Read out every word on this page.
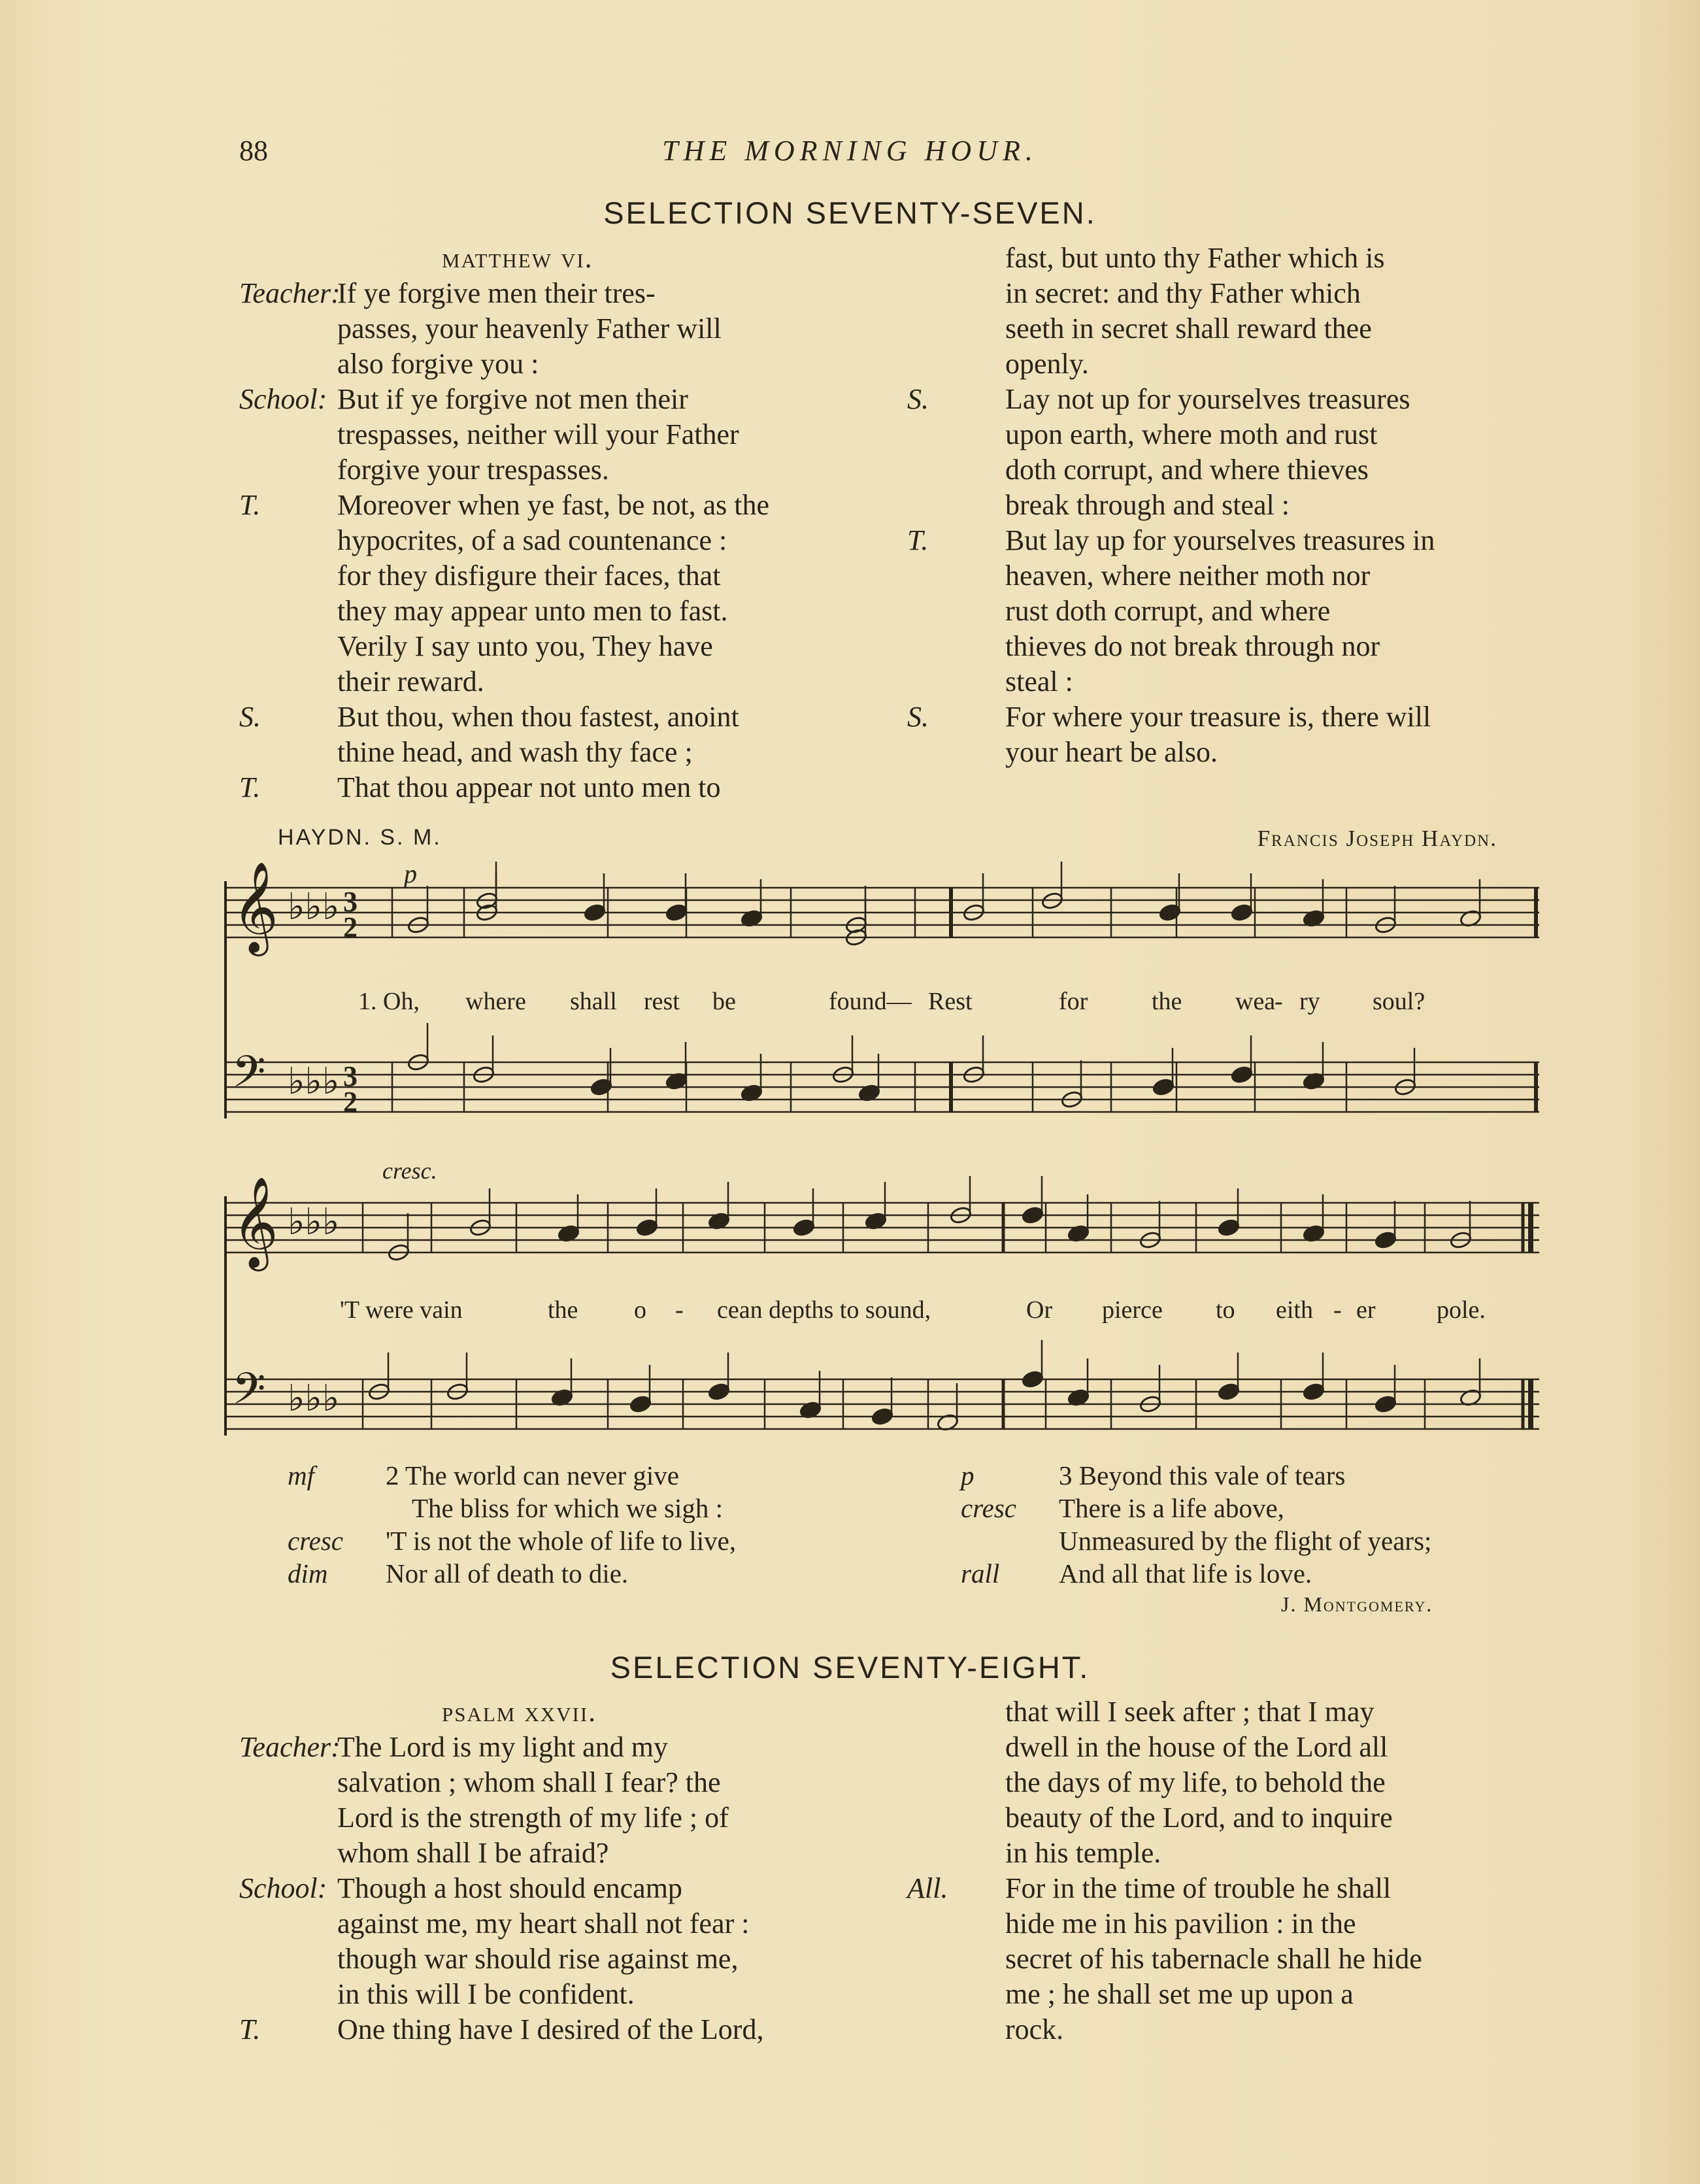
88	THE MORNING HOUR.
SELECTION SEVENTY-SEVEN.
matthew vi.
Teacher:
If ye forgive men their tres-
passes, your heavenly Father will
also forgive you :
School: But if ye forgive not men their
trespasses, neither will your Father
forgive your trespasses.
T.	Moreover when ye fast, be not, as the
hypocrites, of a sad countenance :
for they disfigure their faces, that
they may appear unto men to fast.
Verily I say unto you, They have
their reward.
S.	But thou, when thou fastest, anoint
thine head, and wash thy face ;
T.	That thou appear not unto men to
fast, but unto thy Father which is
in secret: and thy Father which
seeth in secret shall reward thee
openly.
S.	Lay not up for yourselves treasures
upon earth, where moth and rust
doth corrupt, and where thieves
break through and steal :
T.	But lay up for yourselves treasures in
heaven, where neither moth nor
rust doth corrupt, and where
thieves do not break through nor
steal :
S.	For where your treasure is, there will
your heart be also.
HAYDN. S. M.	Francis Joseph Haydn.
𝄞 ♭♭♭ 3
2
𝄢 ♭♭♭ 3
2
𝄞 ♭♭♭
𝄢 ♭♭♭
p
cresc.
1. Oh, where shall rest be	found— Rest	for	the wea
- ry soul?
'T were vain	the o - cean depths to sound,	Or pierce to eith - er pole.
mf	2 The world can never give
The bliss for which we sigh :
cresc 'T is not the whole of life to live,
dim Nor all of death to die.
p	3 Beyond this vale of tears
cresc There is a life above,
Unmeasured by the flight of years;
rall And all that life is love.
J. Montgomery.
SELECTION SEVENTY-EIGHT.
psalm xxvii.
Teacher:
The Lord is my light and my
salvation ; whom shall I fear? the
Lord is the strength of my life ; of
whom shall I be afraid?
School: Though a host should encamp
against me, my heart shall not fear :
though war should rise against me,
in this will I be confident.
T.	One thing have I desired of the Lord,
that will I seek after ; that I may
dwell in the house of the Lord all
the days of my life, to behold the
beauty of the Lord, and to inquire
in his temple.
All. For in the time of trouble he shall
hide me in his pavilion : in the
secret of his tabernacle shall he hide
me ; he shall set me up upon a
rock.
